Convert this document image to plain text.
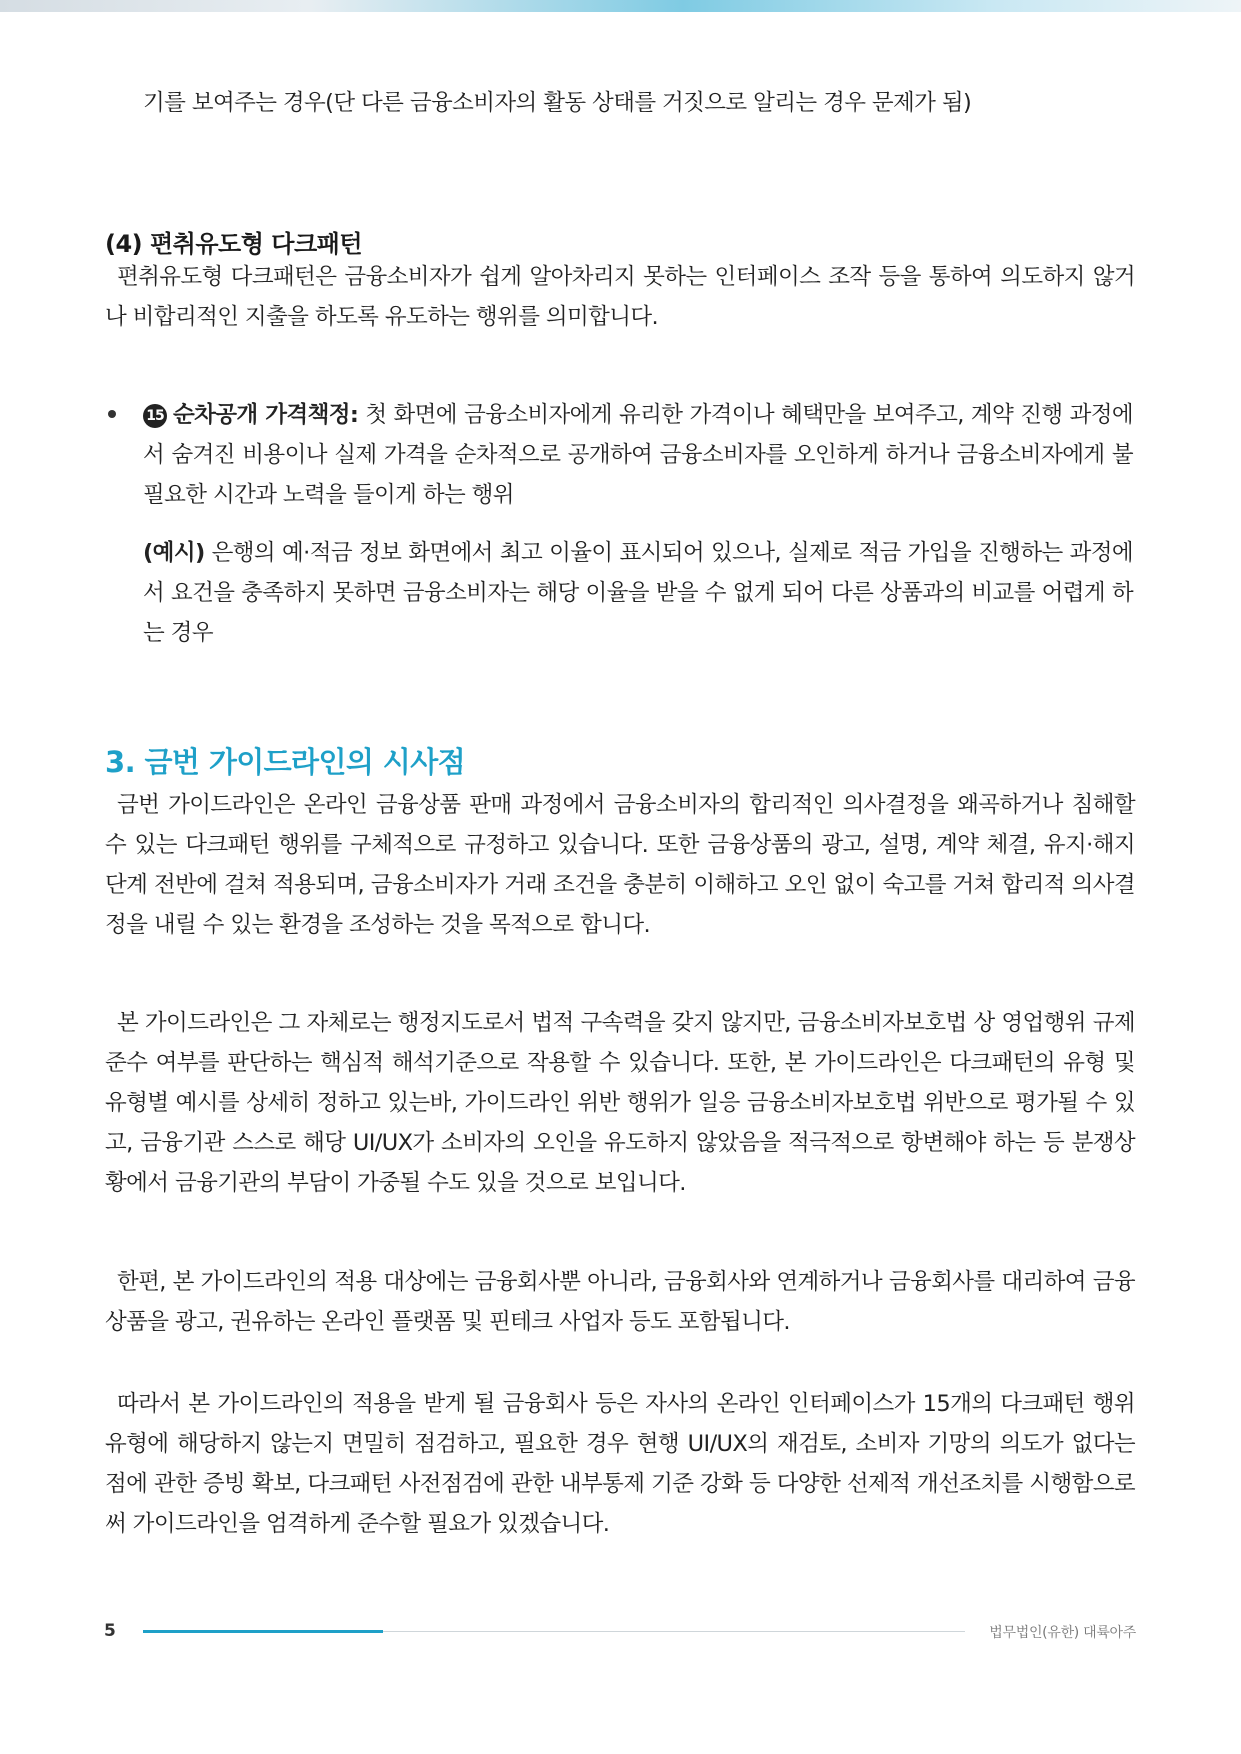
기를 보여주는 경우(단 다른 금융소비자의 활동 상태를 거짓으로 알리는 경우 문제가 됨)

(4) 편취유도형 다크패턴

편취유도형 다크패턴은 금융소비자가 쉽게 알아차리지 못하는 인터페이스 조작 등을 통하여 의도하지 않거나 비합리적인 지출을 하도록 유도하는 행위를 의미합니다.

15 순차공개 가격책정: 첫 화면에 금융소비자에게 유리한 가격이나 혜택만을 보여주고, 계약 진행 과정에서 숨겨진 비용이나 실제 가격을 순차적으로 공개하여 금융소비자를 오인하게 하거나 금융소비자에게 불필요한 시간과 노력을 들이게 하는 행위
(예시) 은행의 예·적금 정보 화면에서 최고 이율이 표시되어 있으나, 실제로 적금 가입을 진행하는 과정에서 요건을 충족하지 못하면 금융소비자는 해당 이율을 받을 수 없게 되어 다른 상품과의 비교를 어렵게 하는 경우
3. 금번 가이드라인의 시사점

금번 가이드라인은 온라인 금융상품 판매 과정에서 금융소비자의 합리적인 의사결정을 왜곡하거나 침해할 수 있는 다크패턴 행위를 구체적으로 규정하고 있습니다. 또한 금융상품의 광고, 설명, 계약 체결, 유지·해지 단계 전반에 걸쳐 적용되며, 금융소비자가 거래 조건을 충분히 이해하고 오인 없이 숙고를 거쳐 합리적 의사결정을 내릴 수 있는 환경을 조성하는 것을 목적으로 합니다.

본 가이드라인은 그 자체로는 행정지도로서 법적 구속력을 갖지 않지만, 금융소비자보호법 상 영업행위 규제 준수 여부를 판단하는 핵심적 해석기준으로 작용할 수 있습니다. 또한, 본 가이드라인은 다크패턴의 유형 및 유형별 예시를 상세히 정하고 있는바, 가이드라인 위반 행위가 일응 금융소비자보호법 위반으로 평가될 수 있고, 금융기관 스스로 해당 UI/UX가 소비자의 오인을 유도하지 않았음을 적극적으로 항변해야 하는 등 분쟁상황에서 금융기관의 부담이 가중될 수도 있을 것으로 보입니다.

한편, 본 가이드라인의 적용 대상에는 금융회사뿐 아니라, 금융회사와 연계하거나 금융회사를 대리하여 금융상품을 광고, 권유하는 온라인 플랫폼 및 핀테크 사업자 등도 포함됩니다.

따라서 본 가이드라인의 적용을 받게 될 금융회사 등은 자사의 온라인 인터페이스가 15개의 다크패턴 행위 유형에 해당하지 않는지 면밀히 점검하고, 필요한 경우 현행 UI/UX의 재검토, 소비자 기망의 의도가 없다는 점에 관한 증빙 확보, 다크패턴 사전점검에 관한 내부통제 기준 강화 등 다양한 선제적 개선조치를 시행함으로써 가이드라인을 엄격하게 준수할 필요가 있겠습니다.

5	법무법인(유한) 대륙아주
